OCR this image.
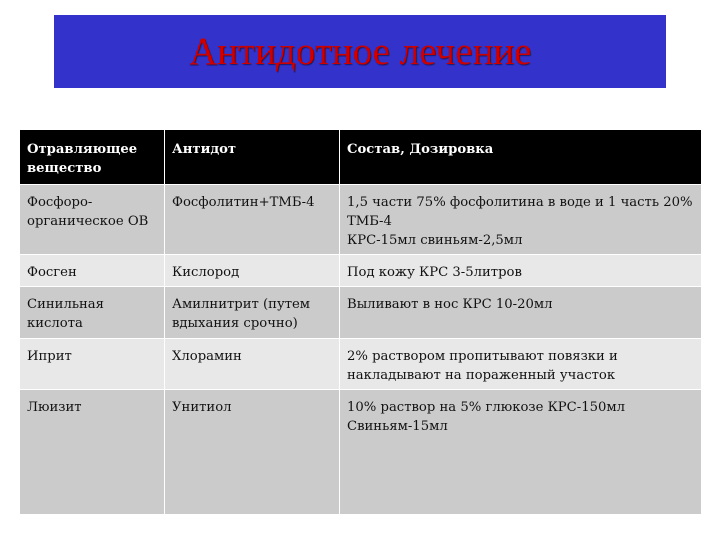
Антидотное лечение
Отравляющее вещество	Антидот	Состав, Дозировка
Фосфоро-органическое ОВ	Фосфолитин+ТМБ-4	1,5 части 75% фосфолитина в воде и 1 часть 20% ТМБ-4
КРС-15мл свиньям-2,5мл

Фосген	Кислород	Под кожу КРС 3-5литров

Синильная кислота	Амилнитрит (путем вдыхания срочно)	Выливают в нос КРС 10-20мл

Иприт	Хлорамин	2% раствором пропитывают повязки и накладывают на пораженный участок

Люизит	Унитиол	10% раствор на 5% глюкозе КРС-150мл
Свиньям-15мл
